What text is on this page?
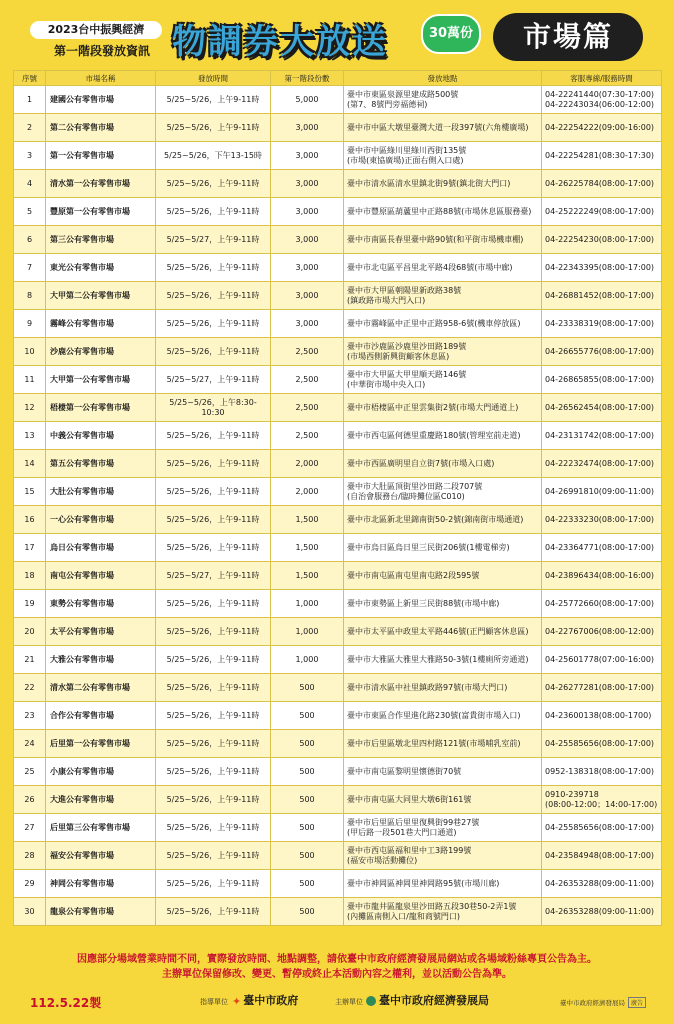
2023台中振興經濟
第一階段發放資訊 物調券大放送	30萬份	市場篇
序號	市場名稱	發放時間	第一階段份數	發放地點	客服專線/服務時間
1	建國公有零售市場	5/25~5/26，上午9-11時	5,000	臺中市東區泉源里建成路500號
(第7、8號門旁福德祠)	04-22241440(07:30-17:00)
04-22243034(06:00-12:00)
2	第二公有零售市場	5/25~5/26，上午9-11時	3,000	臺中市中區大墩里臺灣大道一段397號(六角樓廣場)	04-22254222(09:00-16:00)
3	第一公有零售市場	5/25~5/26，下午13-15時	3,000	臺中市中區綠川里綠川西街135號
(市場(東協廣場)正面右側入口處)	04-22254281(08:30-17:30)
4	清水第一公有零售市場	5/25~5/26，上午9-11時	3,000	臺中市清水區清水里鎮北街9號(鎮北街大門口)	04-26225784(08:00-17:00)
5	豐原第一公有零售市場	5/25~5/26，上午9-11時	3,000	臺中市豐原區葫蘆里中正路88號(市場休息區服務臺)	04-25222249(08:00-17:00)
6	第三公有零售市場	5/25~5/27，上午9-11時	3,000	臺中市南區長春里臺中路90號(和平街市場機車棚)	04-22254230(08:00-17:00)
7	東光公有零售市場	5/25~5/26，上午9-11時	3,000	臺中市北屯區平昌里北平路4段68號(市場中廊)	04-22343395(08:00-17:00)
8	大甲第二公有零售市場	5/25~5/26，上午9-11時	3,000	臺中市大甲區朝陽里新政路38號
(鎮政路市場大門入口)	04-26881452(08:00-17:00)
9	霧峰公有零售市場	5/25~5/26，上午9-11時	3,000	臺中市霧峰區中正里中正路958-6號(機車停放區)	04-23338319(08:00-17:00)
10	沙鹿公有零售市場	5/25~5/26，上午9-11時	2,500	臺中市沙鹿區沙鹿里沙田路189號
(市場西側新興街顧客休息區)	04-26655776(08:00-17:00)
11	大甲第一公有零售市場	5/25~5/27，上午9-11時	2,500	臺中市大甲區大甲里順天路146號
(中華街市場中央入口)	04-26865855(08:00-17:00)
12	梧棲第一公有零售市場	5/25~5/26，上午8:30-10:30	2,500	臺中市梧棲區中正里雲集街2號(市場大門通道上)	04-26562454(08:00-17:00)
13	中義公有零售市場	5/25~5/26，上午9-11時	2,500	臺中市西屯區何德里重慶路180號(管理室前走道)	04-23131742(08:00-17:00)
14	第五公有零售市場	5/25~5/26，上午9-11時	2,000	臺中市西區廣明里自立街7號(市場入口處)	04-22232474(08:00-17:00)
15	大肚公有零售市場	5/25~5/26，上午9-11時	2,000	臺中市大肚區頂街里沙田路二段707號
(自治會服務台/臨時攤位區C010)	04-26991810(09:00-11:00)
16	一心公有零售市場	5/25~5/26，上午9-11時	1,500	臺中市北區新北里錦南街50-2號(錦南街市場通道)	04-22333230(08:00-17:00)
17	烏日公有零售市場	5/25~5/26，上午9-11時	1,500	臺中市烏日區烏日里三民街206號(1樓電梯旁)	04-23364771(08:00-17:00)
18	南屯公有零售市場	5/25~5/27，上午9-11時	1,500	臺中市南屯區南屯里南屯路2段595號	04-23896434(08:00-16:00)
19	東勢公有零售市場	5/25~5/26，上午9-11時	1,000	臺中市東勢區上新里三民街88號(市場中廊)	04-25772660(08:00-17:00)
20	太平公有零售市場	5/25~5/26，上午9-11時	1,000	臺中市太平區中政里太平路446號(正門顧客休息區)	04-22767006(08:00-12:00)
21	大雅公有零售市場	5/25~5/26，上午9-11時	1,000	臺中市大雅區大雅里大雅路50-3號(1樓廁所旁通道)	04-25601778(07:00-16:00)
22	清水第二公有零售市場	5/25~5/26，上午9-11時	500	臺中市清水區中社里鎮政路97號(市場大門口)	04-26277281(08:00-17:00)
23	合作公有零售市場	5/25~5/26，上午9-11時	500	臺中市東區合作里進化路230號(富貴街市場入口)	04-23600138(08:00-1700)
24	后里第一公有零售市場	5/25~5/26，上午9-11時	500	臺中市后里區墩北里四村路121號(市場哺乳室前)	04-25585656(08:00-17:00)
25	小康公有零售市場	5/25~5/26，上午9-11時	500	臺中市南屯區黎明里懷德街70號	0952-138318(08:00-17:00)
26	大進公有零售市場	5/25~5/26，上午9-11時	500	臺中市南屯區大同里大墩6街161號	0910-239718
(08:00-12:00；14:00-17:00)
27	后里第三公有零售市場	5/25~5/26，上午9-11時	500	臺中市后里區后里里復興街99巷27號
(甲后路一段501巷大門口通道)	04-25585656(08:00-17:00)
28	福安公有零售市場	5/25~5/26，上午9-11時	500	臺中市西屯區福和里中工3路199號
(福安市場活動攤位)	04-23584948(08:00-17:00)
29	神岡公有零售市場	5/25~5/26，上午9-11時	500	臺中市神岡區神岡里神岡路95號(市場川廊)	04-26353288(09:00-11:00)
30	龍泉公有零售市場	5/25~5/26，上午9-11時	500	臺中市龍井區龍泉里沙田路五段30巷50-2弄1號
(內攤區南側入口/龍和商號門口)	04-26353288(09:00-11:00)
因應部分場域營業時間不同，實際發放時間、地點調整，請依臺中市政府經濟發展局網站或各場域粉絲專頁公告為主。
主辦單位保留修改、變更、暫停或終止本活動內容之權利，並以活動公告為準。
112.5.22製	指導單位 ✦ 臺中市政府	主辦單位	臺中市政府經濟發展局	臺中市政府經濟發展局 廣告
